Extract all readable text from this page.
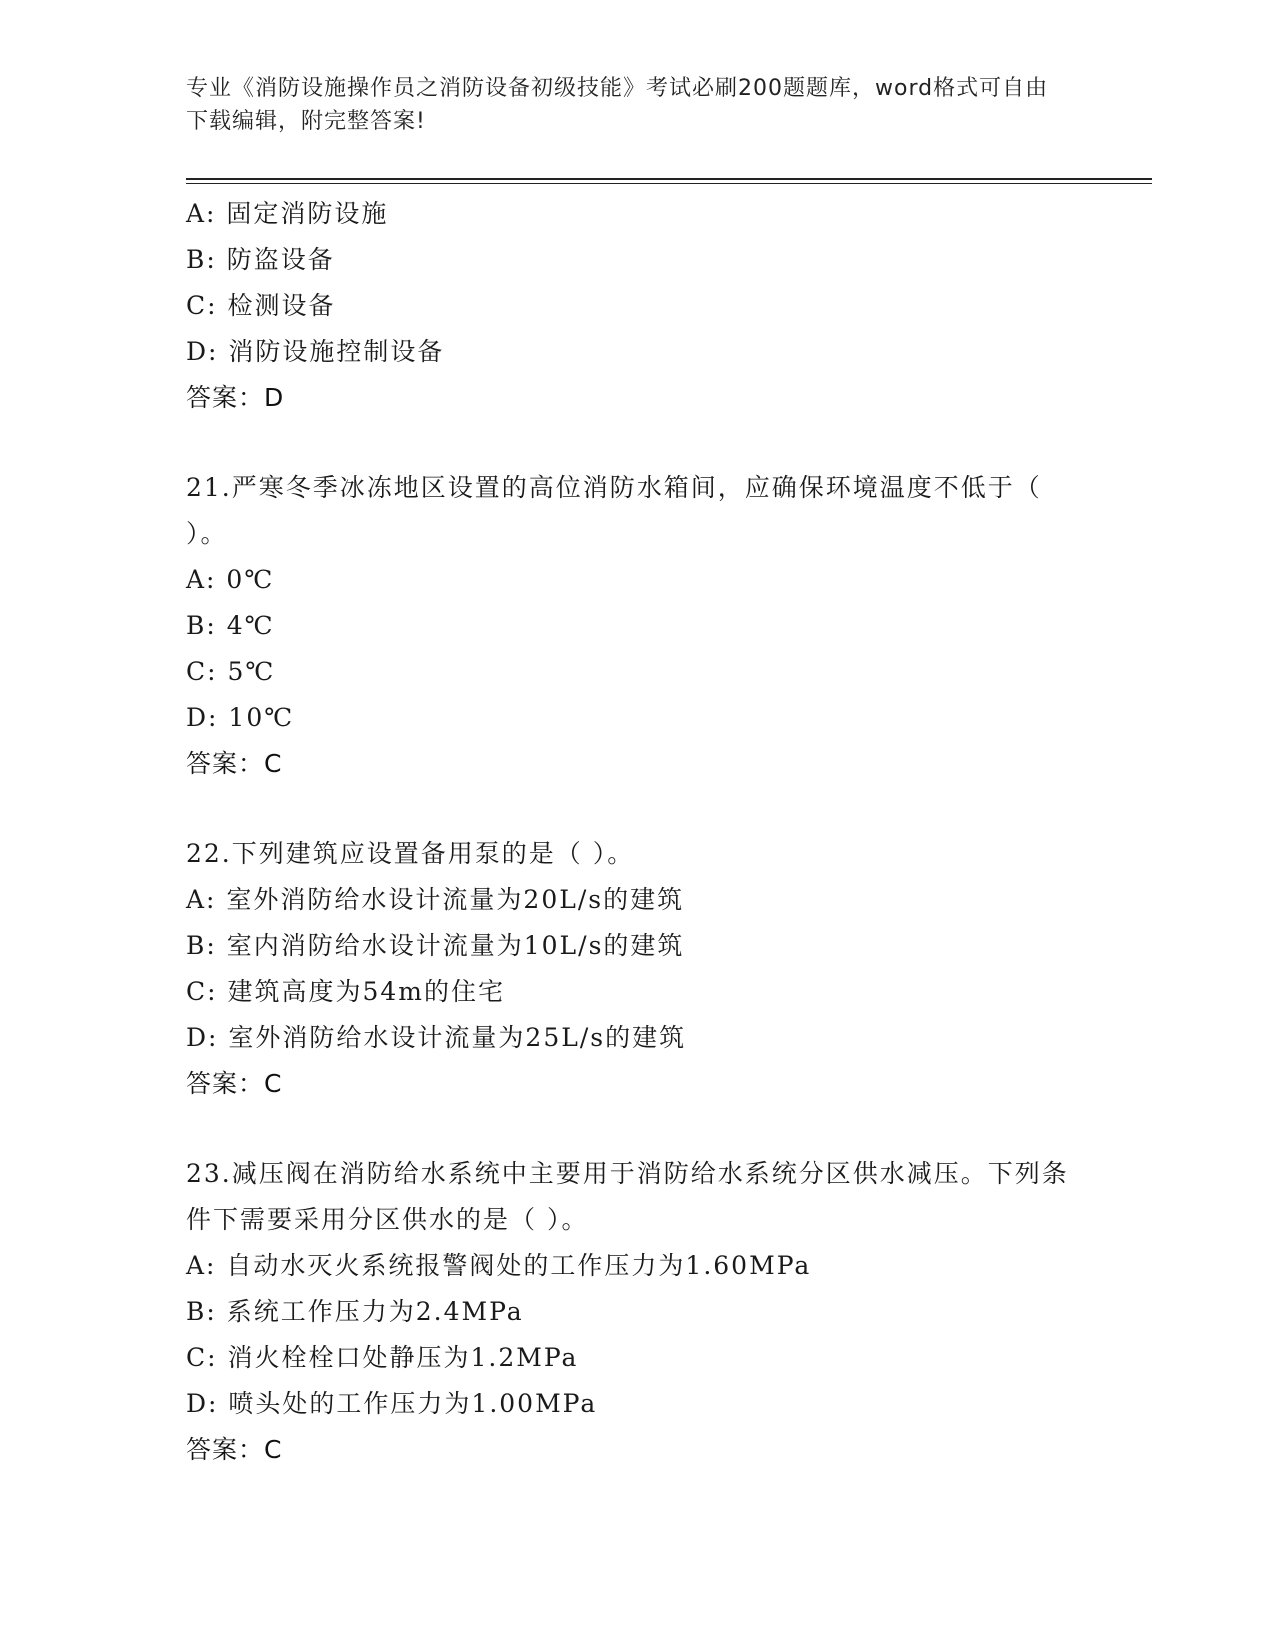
专业《消防设施操作员之消防设备初级技能》考试必刷200题题库，word格式可自由下载编辑，附完整答案!
A: 固定消防设施
B: 防盗设备
C: 检测设备
D: 消防设施控制设备
答案：D
21.严寒冬季冰冻地区设置的高位消防水箱间，应确保环境温度不低于（ ）。
A: 0℃
B: 4℃
C: 5℃
D: 10℃
答案：C
22.下列建筑应设置备用泵的是（ ）。
A: 室外消防给水设计流量为20L/s的建筑
B: 室内消防给水设计流量为10L/s的建筑
C: 建筑高度为54m的住宅
D: 室外消防给水设计流量为25L/s的建筑
答案：C
23.减压阀在消防给水系统中主要用于消防给水系统分区供水减压。下列条件下需要采用分区供水的是（ ）。
A: 自动水灭火系统报警阀处的工作压力为1.60MPa
B: 系统工作压力为2.4MPa
C: 消火栓栓口处静压为1.2MPa
D: 喷头处的工作压力为1.00MPa
答案：C
